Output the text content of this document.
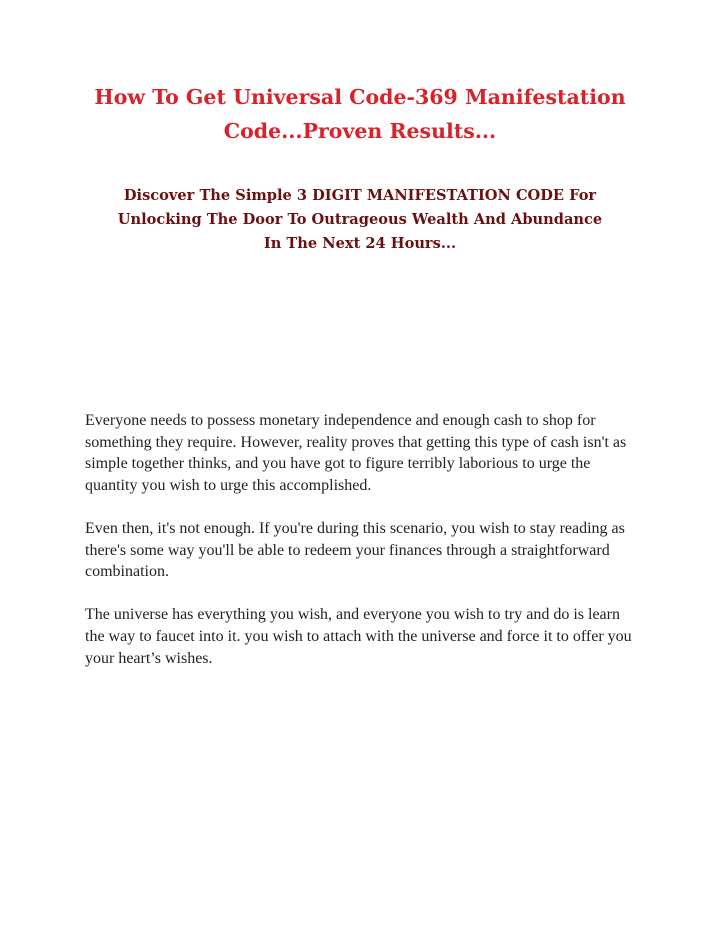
How To Get Universal Code-369 Manifestation Code...Proven Results...
Discover The Simple 3 DIGIT MANIFESTATION CODE For Unlocking The Door To Outrageous Wealth And Abundance In The Next 24 Hours...

Everyone needs to possess monetary independence and enough cash to shop for something they require. However, reality proves that getting this type of cash isn't as simple together thinks, and you have got to figure terribly laborious to urge the quantity you wish to urge this accomplished.

Even then, it's not enough. If you're during this scenario, you wish to stay reading as there's some way you'll be able to redeem your finances through a straightforward combination.

The universe has everything you wish, and everyone you wish to try and do is learn the way to faucet into it. you wish to attach with the universe and force it to offer you your heart’s wishes.
